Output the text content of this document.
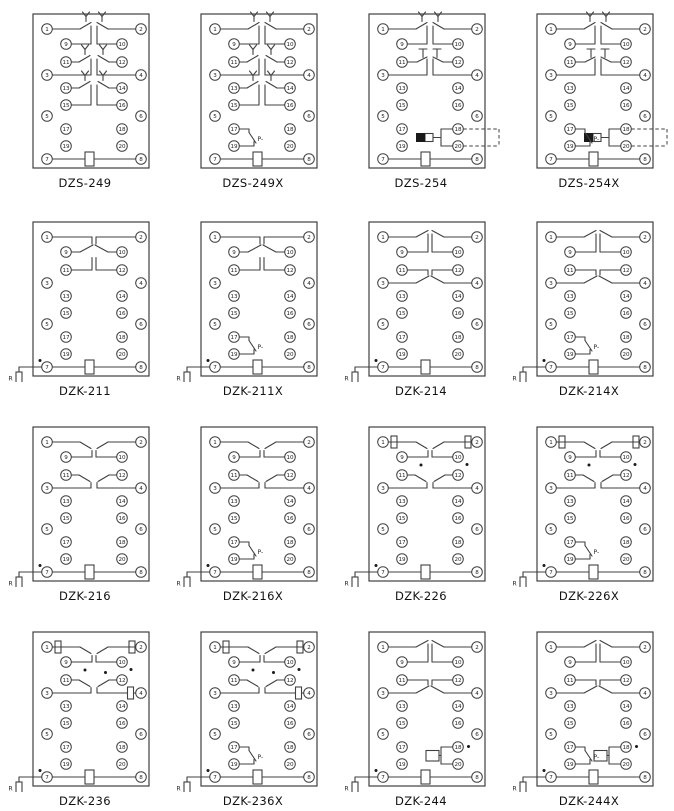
1	2
3	4
5	6
7	8
9	10
11	12
13	14
15	16
17	18
19	20
DZS-249
P-
1	2
3	4
5	6
7	8
9	10
11	12
13	14
15	16
17	18
19	20
DZS-249X
1	2
3	4
5	6
7	8
9	10
11	12
13	14
15	16
17	18
19	20
DZS-254
P-
1	2
3	4
5	6
7	8
9	10
11	12
13	14
15	16
17	18
19	20
DZS-254X
R
1	2
3	4
5	6
7	8
9	10
11	12
13	14
15	16
17	18
19	20
DZK-211
P-
R
1	2
3	4
5	6
7	8
9	10
11	12
13	14
15	16
17	18
19	20
DZK-211X
R
1	2
3	4
5	6
7	8
9	10
11	12
13	14
15	16
17	18
19	20
DZK-214
P-
R
1	2
3	4
5	6
7	8
9	10
11	12
13	14
15	16
17	18
19	20
DZK-214X
R
1	2
3	4
5	6
7	8
9	10
11	12
13	14
15	16
17	18
19	20
DZK-216
P-
R
1	2
3	4
5	6
7	8
9	10
11	12
13	14
15	16
17	18
19	20
DZK-216X
R
1	2
3	4
5	6
7	8
9	10
11	12
13	14
15	16
17	18
19	20
DZK-226
P-
R
1	2
3	4
5	6
7	8
9	10
11	12
13	14
15	16
17	18
19	20
DZK-226X
R
1	2
3	4
5	6
7	8
9	10
11	12
13	14
15	16
17	18
19	20
DZK-236
P-
R
1	2
3	4
5	6
7	8
9	10
11	12
13	14
15	16
17	18
19	20
DZK-236X
R
1	2
3	4
5	6
7	8
9	10
11	12
13	14
15	16
17	18
19	20
DZK-244
P-
R
1	2
3	4
5	6
7	8
9	10
11	12
13	14
15	16
17	18
19	20
DZK-244X
